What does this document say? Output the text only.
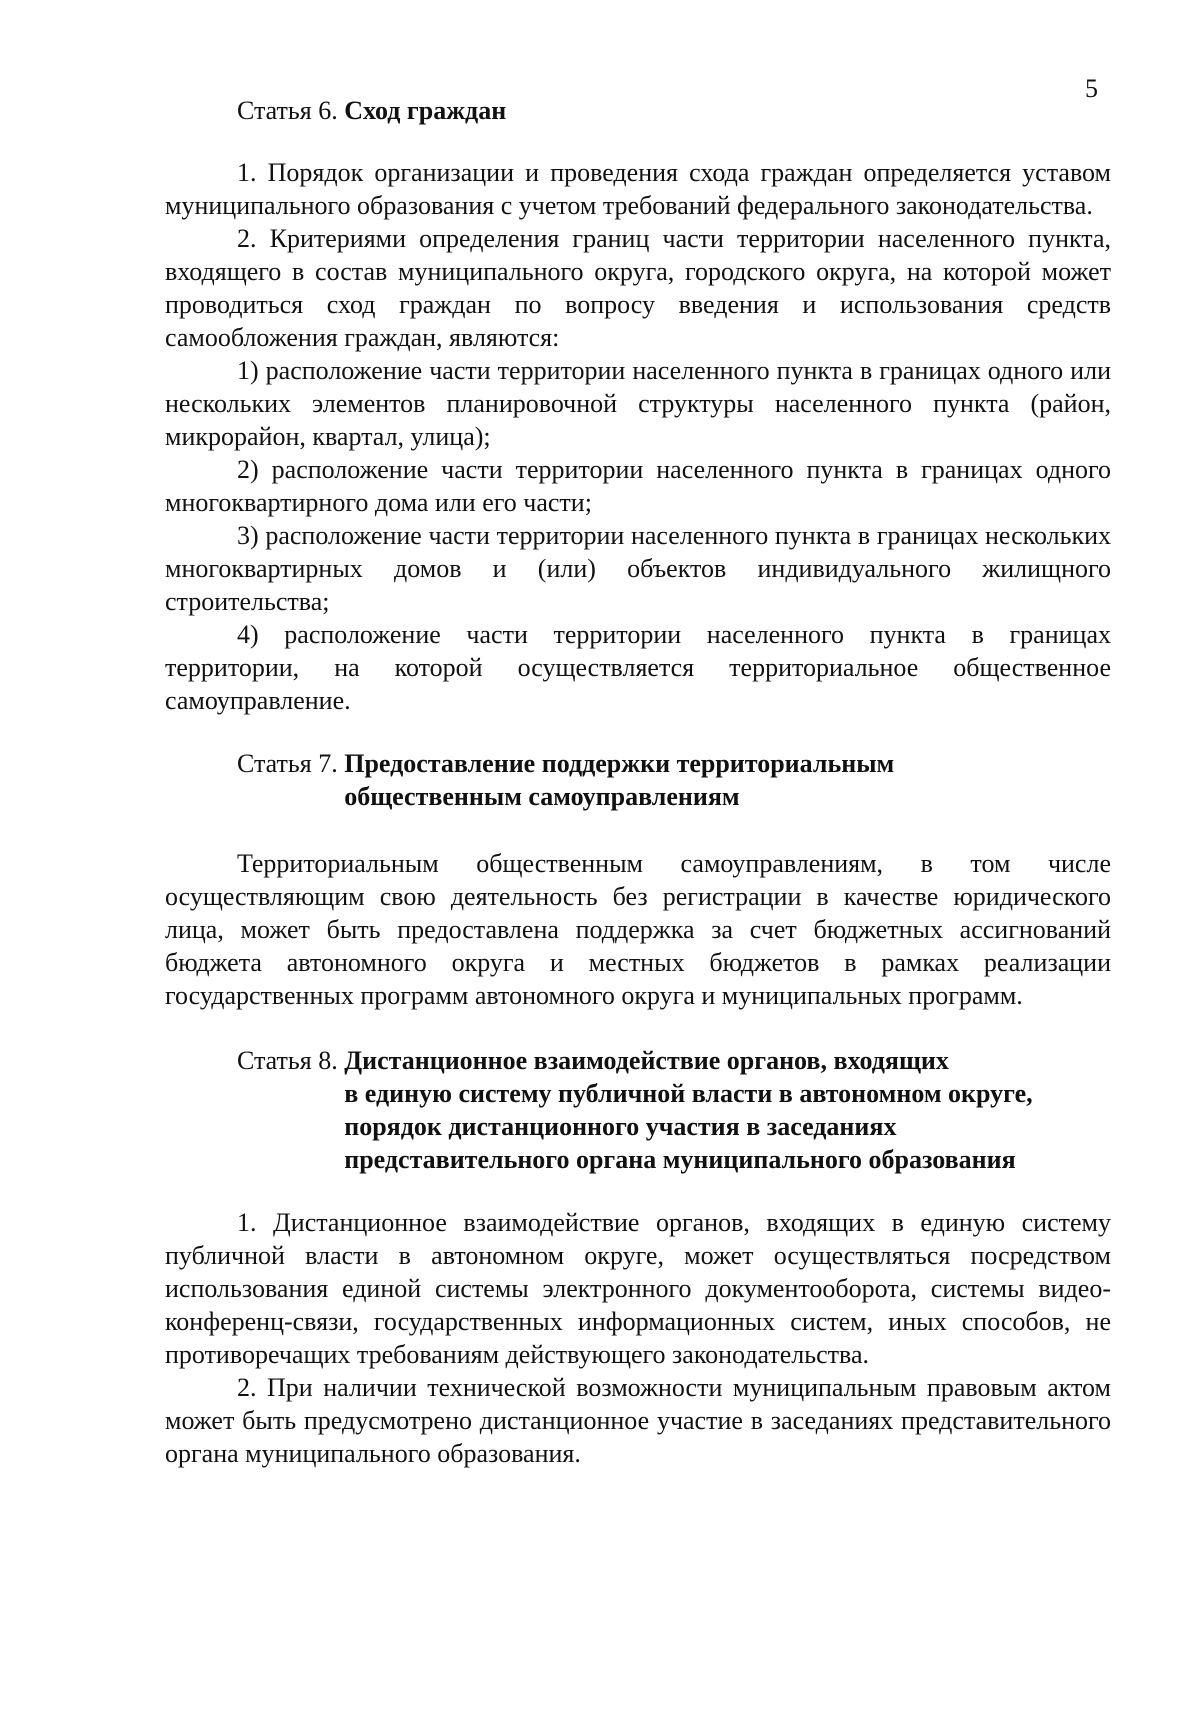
5
Статья 6. Сход граждан

1. Порядок организации и проведения схода граждан определяется уставом муниципального образования с учетом требований федерального законодательства.

2. Критериями определения границ части территории населенного пункта, входящего в состав муниципального округа, городского округа, на которой может проводиться сход граждан по вопросу введения и использования средств самообложения граждан, являются:

1) расположение части территории населенного пункта в границах одного или нескольких элементов планировочной структуры населенного пункта (район, микрорайон, квартал, улица);

2) расположение части территории населенного пункта в границах одного многоквартирного дома или его части;

3) расположение части территории населенного пункта в границах нескольких многоквартирных домов и (или) объектов индивидуального жилищного строительства;

4) расположение части территории населенного пункта в границах территории, на которой осуществляется территориальное общественное самоуправление.

Статья 7. Предоставление поддержки территориальным
общественным самоуправлениям

Территориальным общественным самоуправлениям, в том числе осуществляющим свою деятельность без регистрации в качестве юридического лица, может быть предоставлена поддержка за счет бюджетных ассигнований бюджета автономного округа и местных бюджетов в рамках реализации государственных программ автономного округа и муниципальных программ.

Статья 8. Дистанционное взаимодействие органов, входящих
в единую систему публичной власти в автономном округе,
порядок дистанционного участия в заседаниях
представительного органа муниципального образования

1. Дистанционное взаимодействие органов, входящих в единую систему публичной власти в автономном округе, может осуществляться посредством использования единой системы электронного документооборота, системы видео-конференц-связи, государственных информационных систем, иных способов, не противоречащих требованиям действующего законодательства.

2. При наличии технической возможности муниципальным правовым актом может быть предусмотрено дистанционное участие в заседаниях представительного органа муниципального образования.
